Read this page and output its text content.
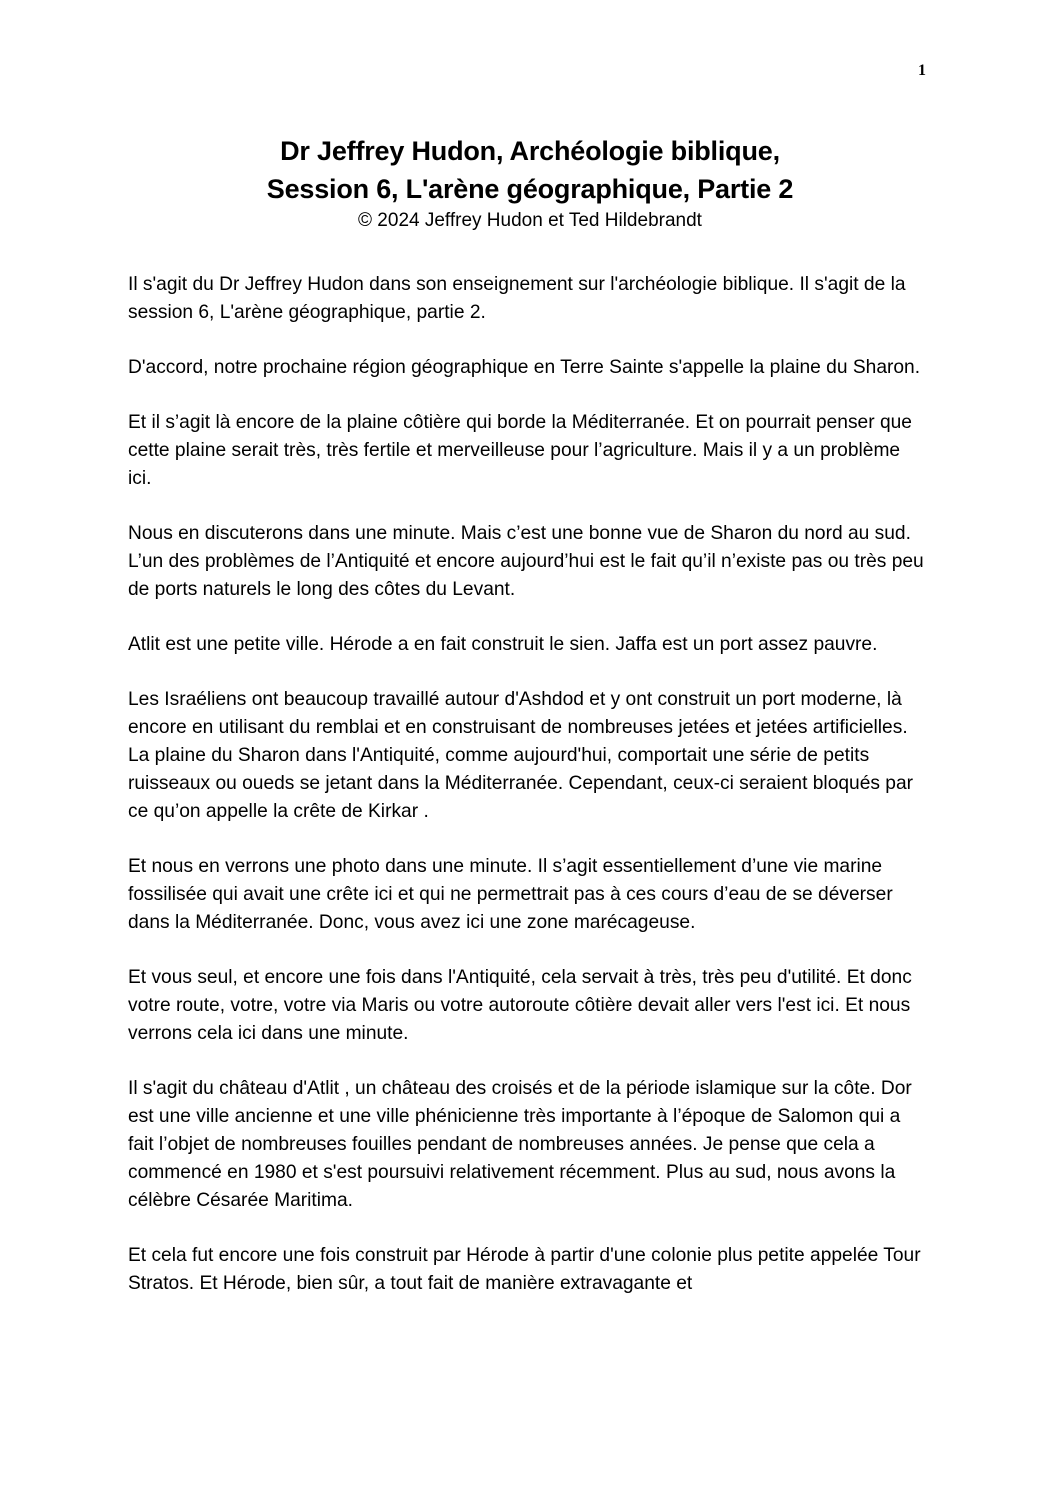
1
Dr Jeffrey Hudon, Archéologie biblique,
Session 6, L'arène géographique, Partie 2
© 2024 Jeffrey Hudon et Ted Hildebrandt

Il s'agit du Dr Jeffrey Hudon dans son enseignement sur l'archéologie biblique. Il s'agit de la session 6, L'arène géographique, partie 2.

D'accord, notre prochaine région géographique en Terre Sainte s'appelle la plaine du Sharon.

Et il s’agit là encore de la plaine côtière qui borde la Méditerranée. Et on pourrait penser que cette plaine serait très, très fertile et merveilleuse pour l’agriculture. Mais il y a un problème ici.

Nous en discuterons dans une minute. Mais c’est une bonne vue de Sharon du nord au sud. L’un des problèmes de l’Antiquité et encore aujourd’hui est le fait qu’il n’existe pas ou très peu de ports naturels le long des côtes du Levant.

Atlit est une petite ville. Hérode a en fait construit le sien. Jaffa est un port assez pauvre.

Les Israéliens ont beaucoup travaillé autour d'Ashdod et y ont construit un port moderne, là encore en utilisant du remblai et en construisant de nombreuses jetées et jetées artificielles. La plaine du Sharon dans l'Antiquité, comme aujourd'hui, comportait une série de petits ruisseaux ou oueds se jetant dans la Méditerranée. Cependant, ceux-ci seraient bloqués par ce qu’on appelle la crête de Kirkar .

Et nous en verrons une photo dans une minute. Il s’agit essentiellement d’une vie marine fossilisée qui avait une crête ici et qui ne permettrait pas à ces cours d’eau de se déverser dans la Méditerranée. Donc, vous avez ici une zone marécageuse.

Et vous seul, et encore une fois dans l'Antiquité, cela servait à très, très peu d'utilité. Et donc votre route, votre, votre via Maris ou votre autoroute côtière devait aller vers l'est ici. Et nous verrons cela ici dans une minute.

Il s'agit du château d'Atlit , un château des croisés et de la période islamique sur la côte. Dor est une ville ancienne et une ville phénicienne très importante à l’époque de Salomon qui a fait l’objet de nombreuses fouilles pendant de nombreuses années. Je pense que cela a commencé en 1980 et s'est poursuivi relativement récemment. Plus au sud, nous avons la célèbre Césarée Maritima.

Et cela fut encore une fois construit par Hérode à partir d'une colonie plus petite appelée Tour Stratos. Et Hérode, bien sûr, a tout fait de manière extravagante et
